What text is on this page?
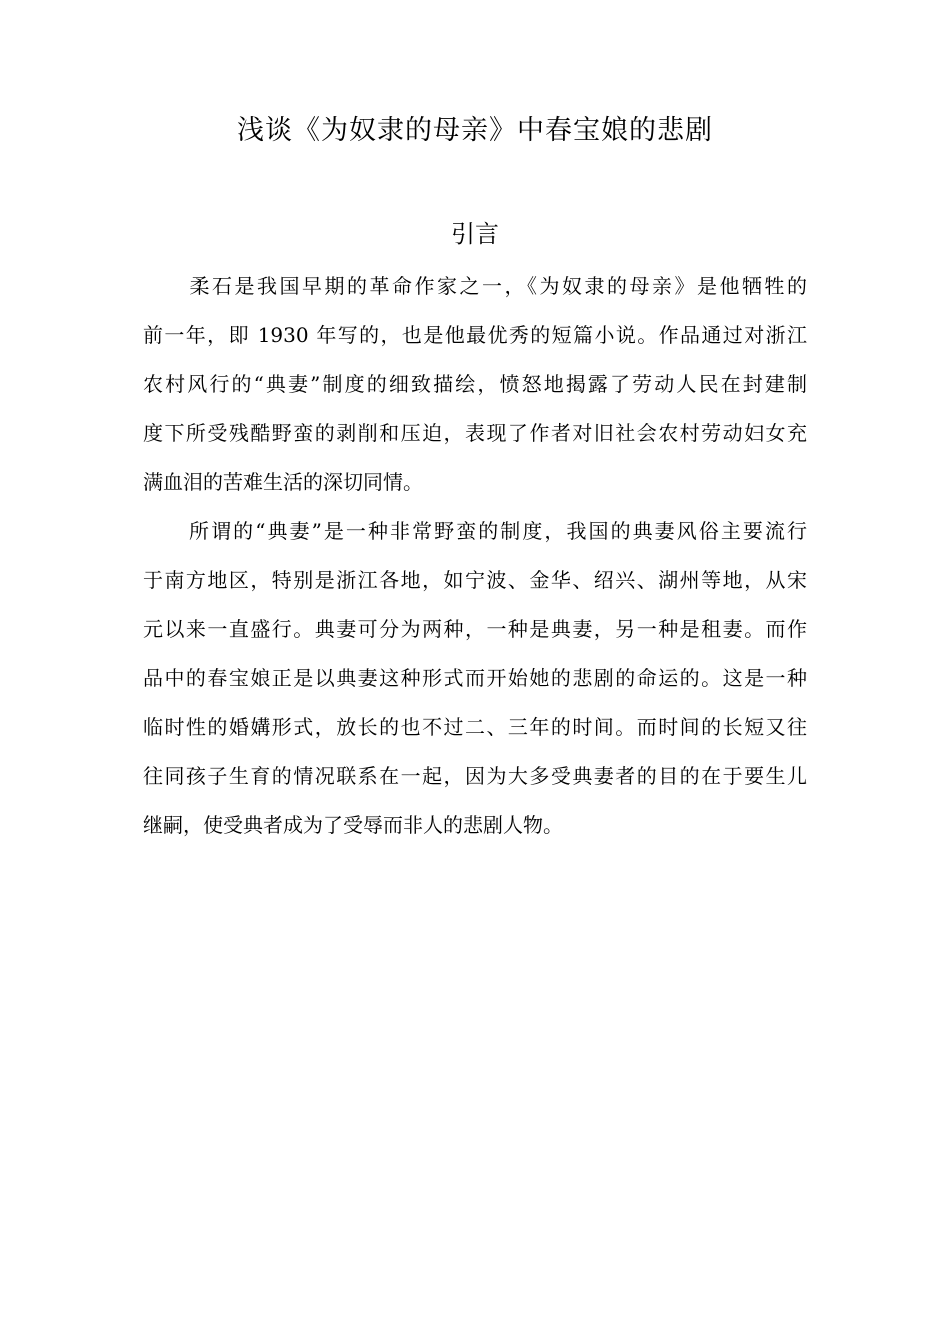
浅谈《为奴隶的母亲》中春宝娘的悲剧
引言
柔石是我国早期的革命作家之一，《为奴隶的母亲》是他牺牲的
前一年，即 1930 年写的，也是他最优秀的短篇小说。作品通过对浙江
农村风行的“典妻”制度的细致描绘，愤怒地揭露了劳动人民在封建制
度下所受残酷野蛮的剥削和压迫，表现了作者对旧社会农村劳动妇女充
满血泪的苦难生活的深切同情。
所谓的“典妻”是一种非常野蛮的制度，我国的典妻风俗主要流行
于南方地区，特别是浙江各地，如宁波、金华、绍兴、湖州等地，从宋
元以来一直盛行。典妻可分为两种，一种是典妻，另一种是租妻。而作
品中的春宝娘正是以典妻这种形式而开始她的悲剧的命运的。这是一种
临时性的婚媾形式，放长的也不过二、三年的时间。而时间的长短又往
往同孩子生育的情况联系在一起，因为大多受典妻者的目的在于要生儿
继嗣，使受典者成为了受辱而非人的悲剧人物。
